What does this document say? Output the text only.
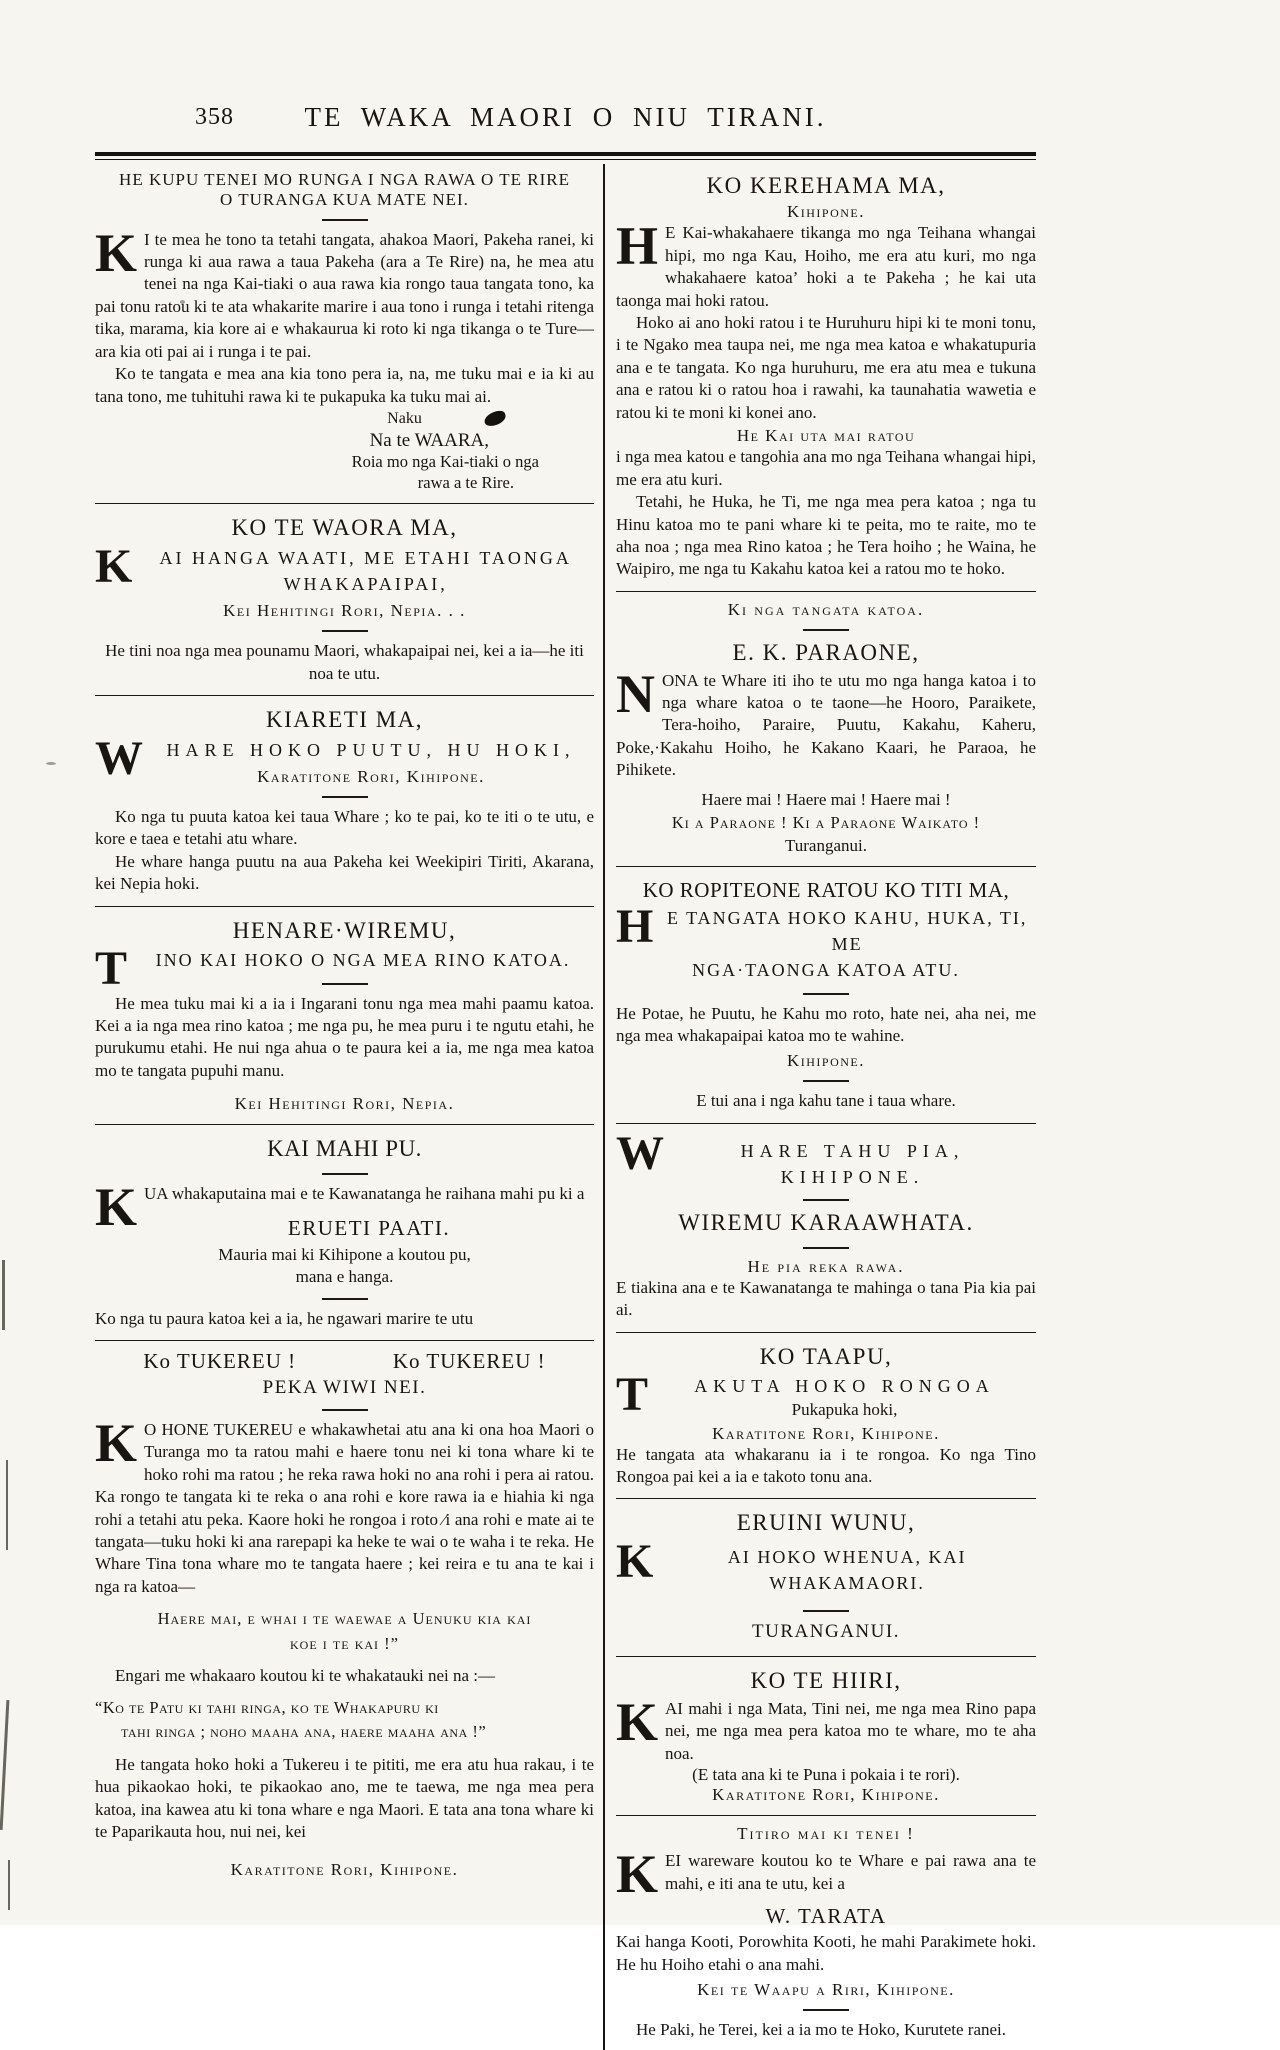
358	TE WAKA MAORI O NIU TIRANI.
HE KUPU TENEI MO RUNGA I NGA RAWA O TE RIRE
O TURANGA KUA MATE NEI.
K I te mea he tono ta tetahi tangata, ahakoa Maori, Pakeha ranei, ki runga ki aua rawa a taua Pakeha (ara a Te Rire) na, he mea atu tenei na nga Kai-tiaki o aua rawa kia rongo taua tangata tono, ka pai tonu ratou ki te ata whakarite marire i aua tono i runga i tetahi ritenga tika, marama, kia kore ai e whakaurua ki roto ki nga tikanga o te Ture—ara kia oti pai ai i runga i te pai.

Ko te tangata e mea ana kia tono pera ia, na, me tuku mai e ia ki au tana tono, me tuhituhi rawa ki te pukapuka ka tuku mai ai.

Naku
Na te WAARA,
Roia mo nga Kai-tiaki o nga
rawa a te Rire.
KO TE WAORA MA,
K	AI HANGA WAATI, ME ETAHI TAONGA
WHAKAPAIPAI,
Kei Hehitingi Rori, Nepia. . .

He tini noa nga mea pounamu Maori, whakapaipai nei, kei a ia—he iti noa te utu.

KIARETI MA,
W	HARE HOKO PUUTU, HU HOKI,
Karatitone Rori, Kihipone.

Ko nga tu puuta katoa kei taua Whare ; ko te pai, ko te iti o te utu, e kore e taea e tetahi atu whare.

He whare hanga puutu na aua Pakeha kei Weekipiri Tiriti, Akarana, kei Nepia hoki.

HENARE·WIREMU,
T	INO KAI HOKO O NGA MEA RINO KATOA.

He mea tuku mai ki a ia i Ingarani tonu nga mea mahi paamu katoa. Kei a ia nga mea rino katoa ; me nga pu, he mea puru i te ngutu etahi, he purukumu etahi. He nui nga ahua o te paura kei a ia, me nga mea katoa mo te tangata pupuhi manu.

Kei Hehitingi Rori, Nepia.
KAI MAHI PU.
K UA whakaputaina mai e te Kawanatanga he raihana mahi pu ki a

ERUETI PAATI.

Mauria mai ki Kihipone a koutou pu,

mana e hanga.

Ko nga tu paura katoa kei a ia, he ngawari marire te utu

Ko TUKEREU !	Ko TUKEREU !
PEKA WIWI NEI.
K O HONE TUKEREU e whakawhetai atu ana ki ona hoa Maori o Turanga mo ta ratou mahi e haere tonu nei ki tona whare ki te hoko rohi ma ratou ; he reka rawa hoki no ana rohi i pera ai ratou. Ka rongo te tangata ki te reka o ana rohi e kore rawa ia e hiahia ki nga rohi a tetahi atu peka. Kaore hoki he rongoa i roto ⁄i ana rohi e mate ai te tangata—tuku hoki ki ana rarepapi ka heke te wai o te waha i te reka. He Whare Tina tona whare mo te tangata haere ; kei reira e tu ana te kai i nga ra katoa—

Haere mai, e whai i te waewae a Uenuku kia kai
koe i te kai !”

Engari me whakaaro koutou ki te whakatauki nei na :—

“Ko te Patu ki tahi ringa, ko te Whakapuru ki
tahi ringa ; noho maaha ana, haere maaha ana !”

He tangata hoko hoki a Tukereu i te pititi, me era atu hua rakau, i te hua pikaokao hoki, te pikaokao ano, me te taewa, me nga mea pera katoa, ina kawea atu ki tona whare e nga Maori. E tata ana tona whare ki te Paparikauta hou, nui nei, kei

Karatitone Rori, Kihipone.
KO KEREHAMA MA,
Kihipone.
H E Kai-whakahaere tikanga mo nga Teihana whangai hipi, mo nga Kau, Hoiho, me era atu kuri, mo nga whakahaere katoa’ hoki a te Pakeha ; he kai uta taonga mai hoki ratou.

Hoko ai ano hoki ratou i te Huruhuru hipi ki te moni tonu, i te Ngako mea taupa nei, me nga mea katoa e whakatupuria ana e te tangata. Ko nga huruhuru, me era atu mea e tukuna ana e ratou ki o ratou hoa i rawahi, ka taunahatia wawetia e ratou ki te moni ki konei ano.

He Kai uta mai ratou

i nga mea katou e tangohia ana mo nga Teihana whangai hipi, me era atu kuri.

Tetahi, he Huka, he Ti, me nga mea pera katoa ; nga tu Hinu katoa mo te pani whare ki te peita, mo te raite, mo te aha noa ; nga mea Rino katoa ; he Tera hoiho ; he Waina, he Waipiro, me nga tu Kakahu katoa kei a ratou mo te hoko.

Ki nga tangata katoa.
E. K. PARAONE,
N ONA te Whare iti iho te utu mo nga hanga katoa i to nga whare katoa o te taone—he Hooro, Paraikete, Tera-hoiho, Paraire, Puutu, Kakahu, Kaheru, Poke,·Kakahu Hoiho, he Kakano Kaari, he Paraoa, he Pihikete.

Haere mai ! Haere mai ! Haere mai !
Ki a Paraone ! Ki a Paraone Waikato !
Turanganui.
KO ROPITEONE RATOU KO TITI MA,
H E TANGATA HOKO KAHU, HUKA, TI, ME
NGA·TAONGA KATOA ATU.

He Potae, he Puutu, he Kahu mo roto, hate nei, aha nei, me nga mea whakapaipai katoa mo te wahine.

Kihipone.

E tui ana i nga kahu tane i taua whare.

W	HARE TAHU PIA, KIHIPONE.
WIREMU KARAAWHATA.
He pia reka rawa.

E tiakina ana e te Kawanatanga te mahinga o tana Pia kia pai ai.

KO TAAPU,
T	AKUTA HOKO RONGOA
Pukapuka hoki,
Karatitone Rori, Kihipone.

He tangata ata whakaranu ia i te rongoa. Ko nga Tino Rongoa pai kei a ia e takoto tonu ana.

ERUINI WUNU,
K	AI HOKO WHENUA, KAI WHAKAMAORI.
TURANGANUI.
KO TE HIIRI,
K AI mahi i nga Mata, Tini nei, me nga mea Rino papa nei, me nga mea pera katoa mo te whare, mo te aha noa.

(E tata ana ki te Puna i pokaia i te rori).
Karatitone Rori, Kihipone.
Titiro mai ki tenei !
K EI wareware koutou ko te Whare e pai rawa ana te mahi, e iti ana te utu, kei a

W. TARATA

Kai hanga Kooti, Porowhita Kooti, he mahi Parakimete hoki. He hu Hoiho etahi o ana mahi.

Kei te Waapu a Riri, Kihipone.

He Paki, he Terei, kei a ia mo te Hoko, Kurutete ranei.
